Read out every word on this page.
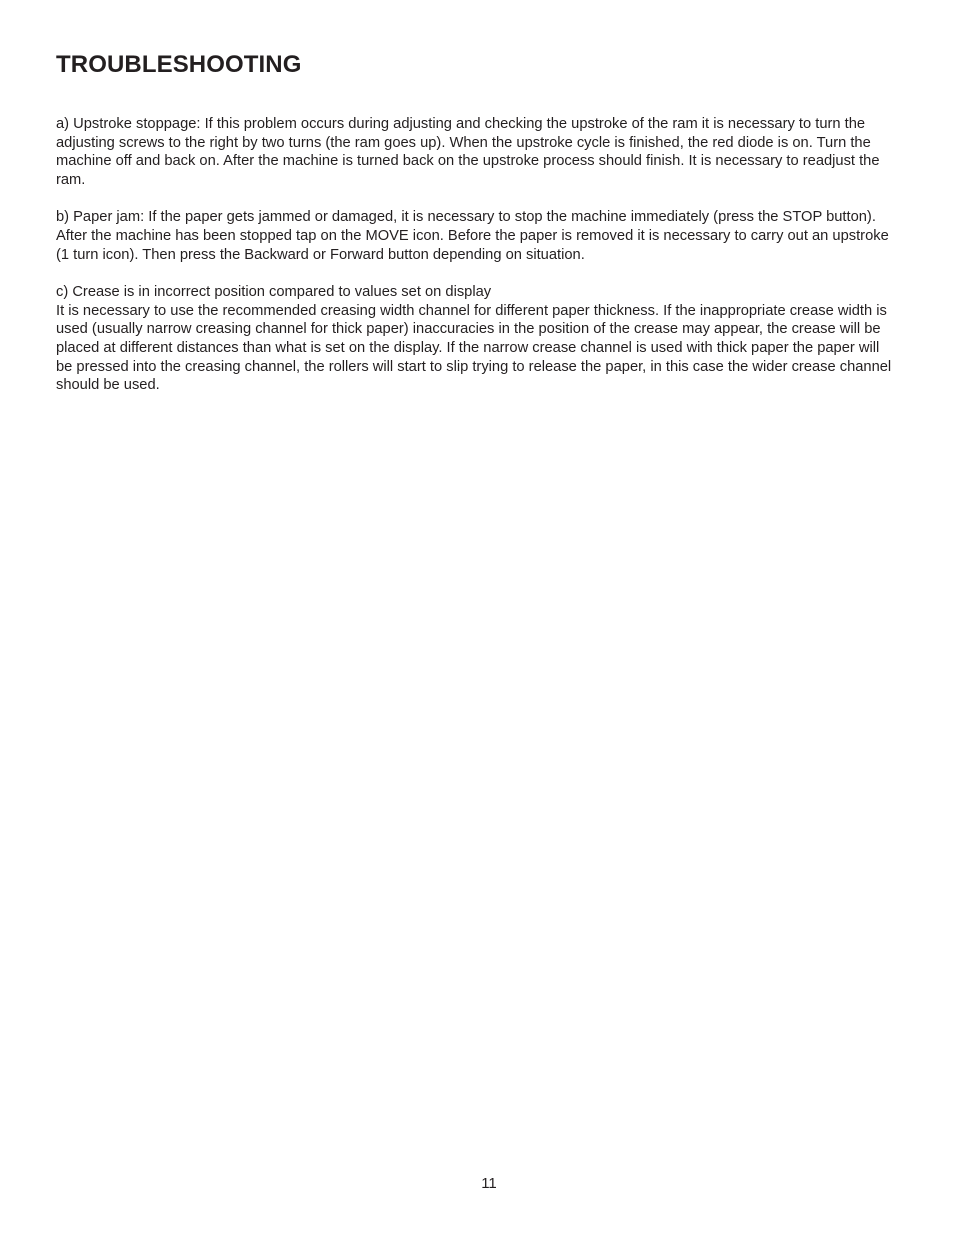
TROUBLESHOOTING

a) Upstroke stoppage: If this problem occurs during adjusting and checking the upstroke of the ram it is necessary to turn the adjusting screws to the right by two turns (the ram goes up). When the upstroke cycle is finished, the red diode is on. Turn the machine off and back on. After the machine is turned back on the upstroke process should finish. It is necessary to readjust the ram.

b) Paper jam: If the paper gets jammed or damaged, it is necessary to stop the machine immediately (press the STOP button). After the machine has been stopped tap on the MOVE icon. Before the paper is removed it is necessary to carry out an upstroke (1 turn icon). Then press the Backward or Forward button depending on situation.

c) Crease is in incorrect position compared to values set on display

It is necessary to use the recommended creasing width channel for different paper thickness. If the inappropriate crease width is used (usually narrow creasing channel for thick paper) inaccuracies in the position of the crease may appear, the crease will be placed at different distances than what is set on the display. If the narrow crease channel is used with thick paper the paper will be pressed into the creasing channel, the rollers will start to slip trying to release the paper, in this case the wider crease channel should be used.

11
